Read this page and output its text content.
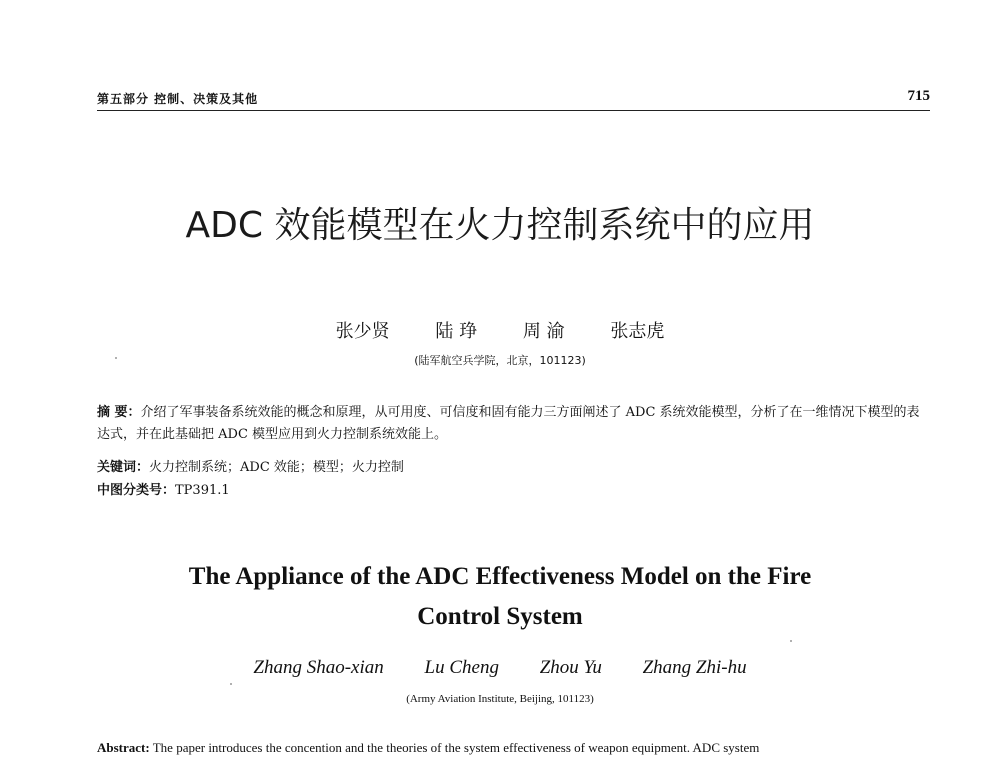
第五部分 控制、决策及其他	715
ADC 效能模型在火力控制系统中的应用
张少贤	陆 琤	周 渝	张志虎
(陆军航空兵学院，北京，101123)
摘 要：介绍了军事装备系统效能的概念和原理，从可用度、可信度和固有能力三方面阐述了 ADC 系统效能模型，分析了在一维情况下模型的表达式，并在此基础把 ADC 模型应用到火力控制系统效能上。
关键词：火力控制系统；ADC 效能；模型；火力控制
中图分类号：TP391.1
The Appliance of the ADC Effectiveness Model on the Fire
Control System
Zhang Shao-xian Lu Cheng Zhou Yu Zhang Zhi-hu
(Army Aviation Institute, Beijing, 101123)
Abstract: The paper introduces the concention and the theories of the system effectiveness of weapon equipment. ADC system
